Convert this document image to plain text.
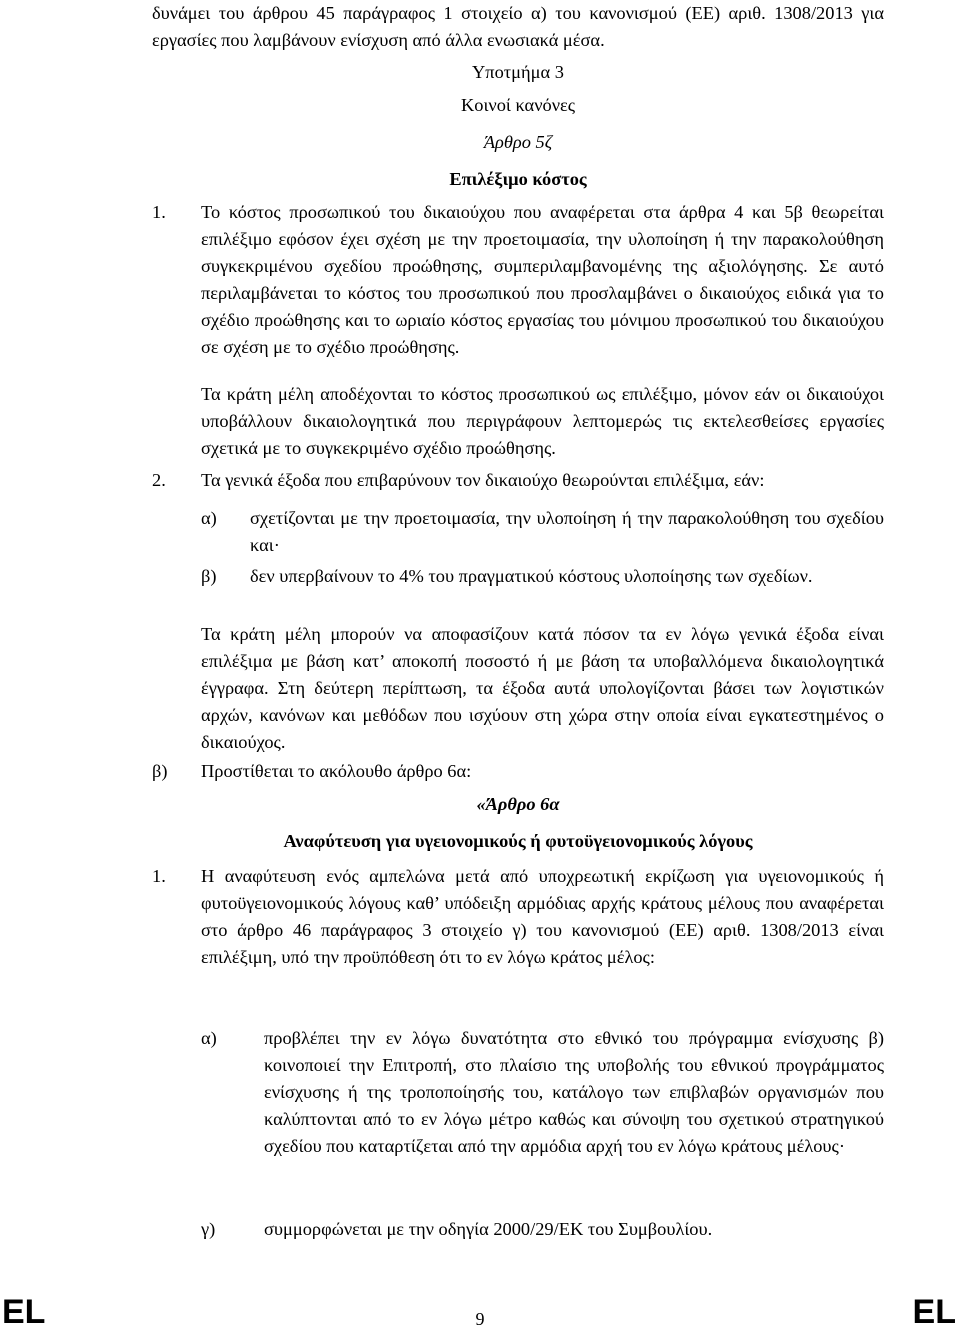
δυνάμει του άρθρου 45 παράγραφος 1 στοιχείο α) του κανονισμού (ΕΕ) αριθ. 1308/2013 για εργασίες που λαμβάνουν ενίσχυση από άλλα ενωσιακά μέσα.

Υποτμήμα 3

Κοινοί κανόνες

Άρθρο 5ζ

Επιλέξιμο κόστος

1. Το κόστος προσωπικού του δικαιούχου που αναφέρεται στα άρθρα 4 και 5β θεωρείται επιλέξιμο εφόσον έχει σχέση με την προετοιμασία, την υλοποίηση ή την παρακολούθηση συγκεκριμένου σχεδίου προώθησης, συμπεριλαμβανομένης της αξιολόγησης. Σε αυτό περιλαμβάνεται το κόστος του προσωπικού που προσλαμβάνει ο δικαιούχος ειδικά για το σχέδιο προώθησης και το ωριαίο κόστος εργασίας του μόνιμου προσωπικού του δικαιούχου σε σχέση με το σχέδιο προώθησης.

Τα κράτη μέλη αποδέχονται το κόστος προσωπικού ως επιλέξιμο, μόνον εάν οι δικαιούχοι υποβάλλουν δικαιολογητικά που περιγράφουν λεπτομερώς τις εκτελεσθείσες εργασίες σχετικά με το συγκεκριμένο σχέδιο προώθησης.

2. Τα γενικά έξοδα που επιβαρύνουν τον δικαιούχο θεωρούνται επιλέξιμα, εάν:

α) σχετίζονται με την προετοιμασία, την υλοποίηση ή την παρακολούθηση του σχεδίου και·

β) δεν υπερβαίνουν το 4% του πραγματικού κόστους υλοποίησης των σχεδίων.

Τα κράτη μέλη μπορούν να αποφασίζουν κατά πόσον τα εν λόγω γενικά έξοδα είναι επιλέξιμα με βάση κατ’ αποκοπή ποσοστό ή με βάση τα υποβαλλόμενα δικαιολογητικά έγγραφα. Στη δεύτερη περίπτωση, τα έξοδα αυτά υπολογίζονται βάσει των λογιστικών αρχών, κανόνων και μεθόδων που ισχύουν στη χώρα στην οποία είναι εγκατεστημένος ο δικαιούχος.

β) Προστίθεται το ακόλουθο άρθρο 6α:

«Άρθρο 6α

Αναφύτευση για υγειονομικούς ή φυτοϋγειονομικούς λόγους

1. Η αναφύτευση ενός αμπελώνα μετά από υποχρεωτική εκρίζωση για υγειονομικούς ή φυτοϋγειονομικούς λόγους καθ’ υπόδειξη αρμόδιας αρχής κράτους μέλους που αναφέρεται στο άρθρο 46 παράγραφος 3 στοιχείο γ) του κανονισμού (ΕΕ) αριθ. 1308/2013 είναι επιλέξιμη, υπό την προϋπόθεση ότι το εν λόγω κράτος μέλος:

α)	προβλέπει την εν λόγω δυνατότητα στο εθνικό του πρόγραμμα ενίσχυσης β) κοινοποιεί την Επιτροπή, στο πλαίσιο της υποβολής του εθνικού προγράμματος ενίσχυσης ή της τροποποίησής του, κατάλογο των επιβλαβών οργανισμών που καλύπτονται από το εν λόγω μέτρο καθώς και σύνοψη του σχετικού στρατηγικού σχεδίου που καταρτίζεται από την αρμόδια αρχή του εν λόγω κράτους μέλους·

γ)	συμμορφώνεται με την οδηγία 2000/29/ΕΚ του Συμβουλίου.

EL	9	EL
